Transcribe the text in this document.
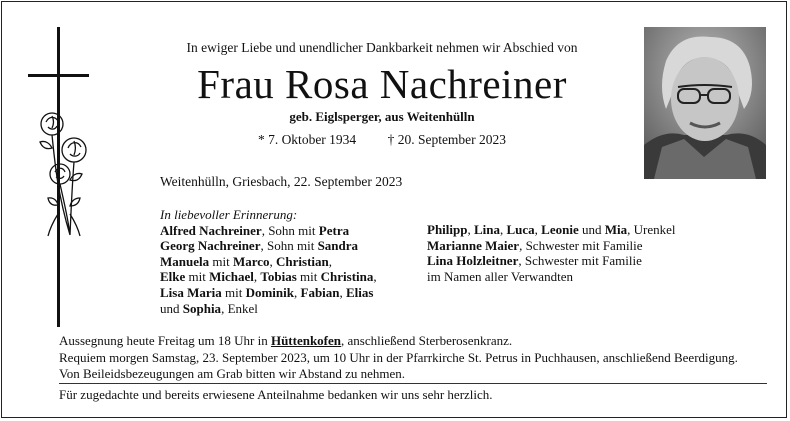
In ewiger Liebe und unendlicher Dankbarkeit nehmen wir Abschied von
Frau Rosa Nachreiner
geb. Eiglsperger, aus Weitenhülln
* 7. Oktober 1934 † 20. September 2023
Weitenhülln, Griesbach, 22. September 2023
In liebevoller Erinnerung:
Alfred Nachreiner, Sohn mit Petra
Georg Nachreiner, Sohn mit Sandra
Manuela mit Marco, Christian,
Elke mit Michael, Tobias mit Christina,
Lisa Maria mit Dominik, Fabian, Elias
und Sophia, Enkel
Philipp, Lina, Luca, Leonie und Mia, Urenkel
Marianne Maier, Schwester mit Familie
Lina Holzleitner, Schwester mit Familie
im Namen aller Verwandten
Aussegnung heute Freitag um 18 Uhr in Hüttenkofen, anschließend Sterberosenkranz.
Requiem morgen Samstag, 23. September 2023, um 10 Uhr in der Pfarrkirche St. Petrus in Puchhausen, anschließend Beerdigung.
Von Beileidsbezeugungen am Grab bitten wir Abstand zu nehmen.
Für zugedachte und bereits erwiesene Anteilnahme bedanken wir uns sehr herzlich.
